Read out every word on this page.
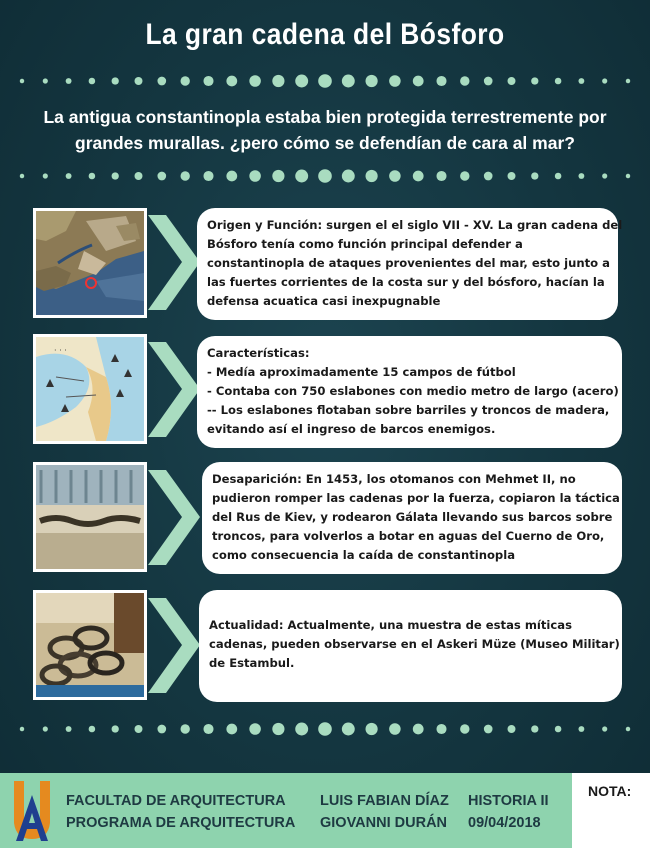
La gran cadena del Bósforo
La antigua constantinopla estaba bien protegida terrestremente por
grandes murallas. ¿pero cómo se defendían de cara al mar?
Origen y Función: surgen el el siglo VII - XV. La gran cadena del
Bósforo tenía como función principal defender a
constantinopla de ataques provenientes del mar, esto junto a
las fuertes corrientes de la costa sur y del bósforo, hacían la
defensa acuatica casi inexpugnable
· · ·	Características:
- Medía aproximadamente 15 campos de fútbol
- Contaba con 750 eslabones con medio metro de largo (acero)
-- Los eslabones flotaban sobre barriles y troncos de madera,
evitando así el ingreso de barcos enemigos.
Desaparición: En 1453, los otomanos con Mehmet II, no
pudieron romper las cadenas por la fuerza, copiaron la táctica
del Rus de Kiev, y rodearon Gálata llevando sus barcos sobre
troncos, para volverlos a botar en aguas del Cuerno de Oro,
como consecuencia la caída de constantinopla
Actualidad: Actualmente, una muestra de estas míticas
cadenas, pueden observarse en el Askeri Müze (Museo Militar)
de Estambul.
FACULTAD DE ARQUITECTURA
PROGRAMA DE ARQUITECTURA
LUIS FABIAN DÍAZ
GIOVANNI DURÁN
HISTORIA II
09/04/2018
NOTA:
